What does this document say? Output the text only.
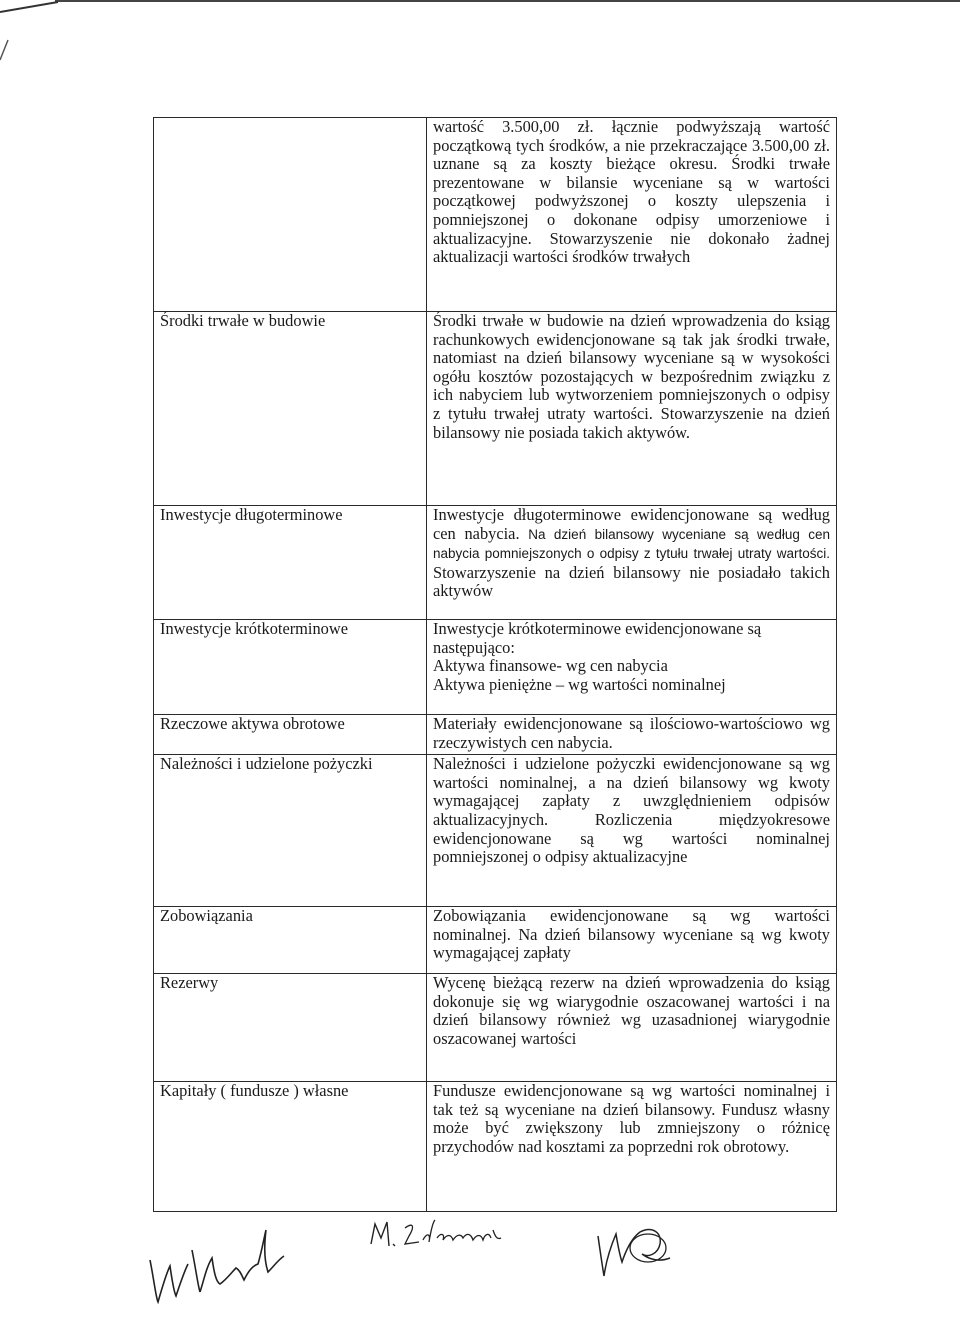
	wartość 3.500,00 zł. łącznie podwyższają wartość początkową tych środków, a nie przekraczające 3.500,00 zł. uznane są za koszty bieżące okresu. Środki trwałe prezentowane w bilansie wyceniane są w wartości początkowej podwyższonej o koszty ulepszenia i pomniejszonej o dokonane odpisy umorzeniowe i aktualizacyjne. Stowarzyszenie nie dokonało żadnej aktualizacji wartości środków trwałych
Środki trwałe w budowie	Środki trwałe w budowie na dzień wprowadzenia do ksiąg rachunkowych ewidencjonowane są tak jak środki trwałe, natomiast na dzień bilansowy wyceniane są w wysokości ogółu kosztów pozostających w bezpośrednim związku z ich nabyciem lub wytworzeniem pomniejszonych o odpisy z tytułu trwałej utraty wartości. Stowarzyszenie na dzień bilansowy nie posiada takich aktywów.
Inwestycje długoterminowe	Inwestycje długoterminowe ewidencjonowane są według cen nabycia. Na dzień bilansowy wyceniane są według cen nabycia pomniejszonych o odpisy z tytułu trwałej utraty wartości. Stowarzyszenie na dzień bilansowy nie posiadało takich aktywów
Inwestycje krótkoterminowe	Inwestycje krótkoterminowe ewidencjonowane są następująco:
Aktywa finansowe- wg cen nabycia
Aktywa pieniężne – wg wartości nominalnej

Rzeczowe aktywa obrotowe	Materiały ewidencjonowane są ilościowo-wartościowo wg rzeczywistych cen nabycia.
Należności i udzielone pożyczki	Należności i udzielone pożyczki ewidencjonowane są wg wartości nominalnej, a na dzień bilansowy wg kwoty wymagającej zapłaty z uwzględnieniem odpisów aktualizacyjnych. Rozliczenia międzyokresowe ewidencjonowane są wg wartości nominalnej pomniejszonej o odpisy aktualizacyjne
Zobowiązania	Zobowiązania ewidencjonowane są wg wartości nominalnej. Na dzień bilansowy wyceniane są wg kwoty wymagającej zapłaty
Rezerwy	Wycenę bieżącą rezerw na dzień wprowadzenia do ksiąg dokonuje się wg wiarygodnie oszacowanej wartości i na dzień bilansowy również wg uzasadnionej wiarygodnie oszacowanej wartości
Kapitały ( fundusze ) własne	Fundusze ewidencjonowane są wg wartości nominalnej i tak też są wyceniane na dzień bilansowy. Fundusz własny może być zwiększony lub zmniejszony o różnicę przychodów nad kosztami za poprzedni rok obrotowy.
